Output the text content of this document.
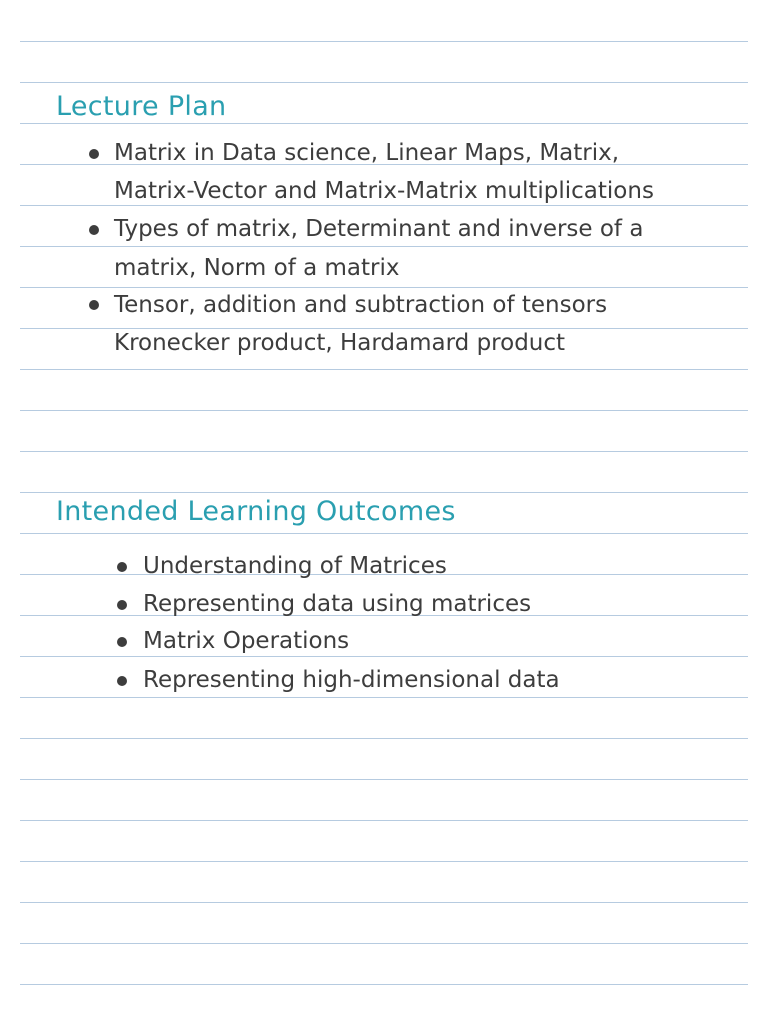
Lecture Plan
Matrix in Data science, Linear Maps, Matrix,
Matrix-Vector and Matrix-Matrix multiplications
Types of matrix, Determinant and inverse of a
matrix, Norm of a matrix
Tensor, addition and subtraction of tensors
Kronecker product, Hardamard product
Intended Learning Outcomes
Understanding of Matrices
Representing data using matrices
Matrix Operations
Representing high-dimensional data
